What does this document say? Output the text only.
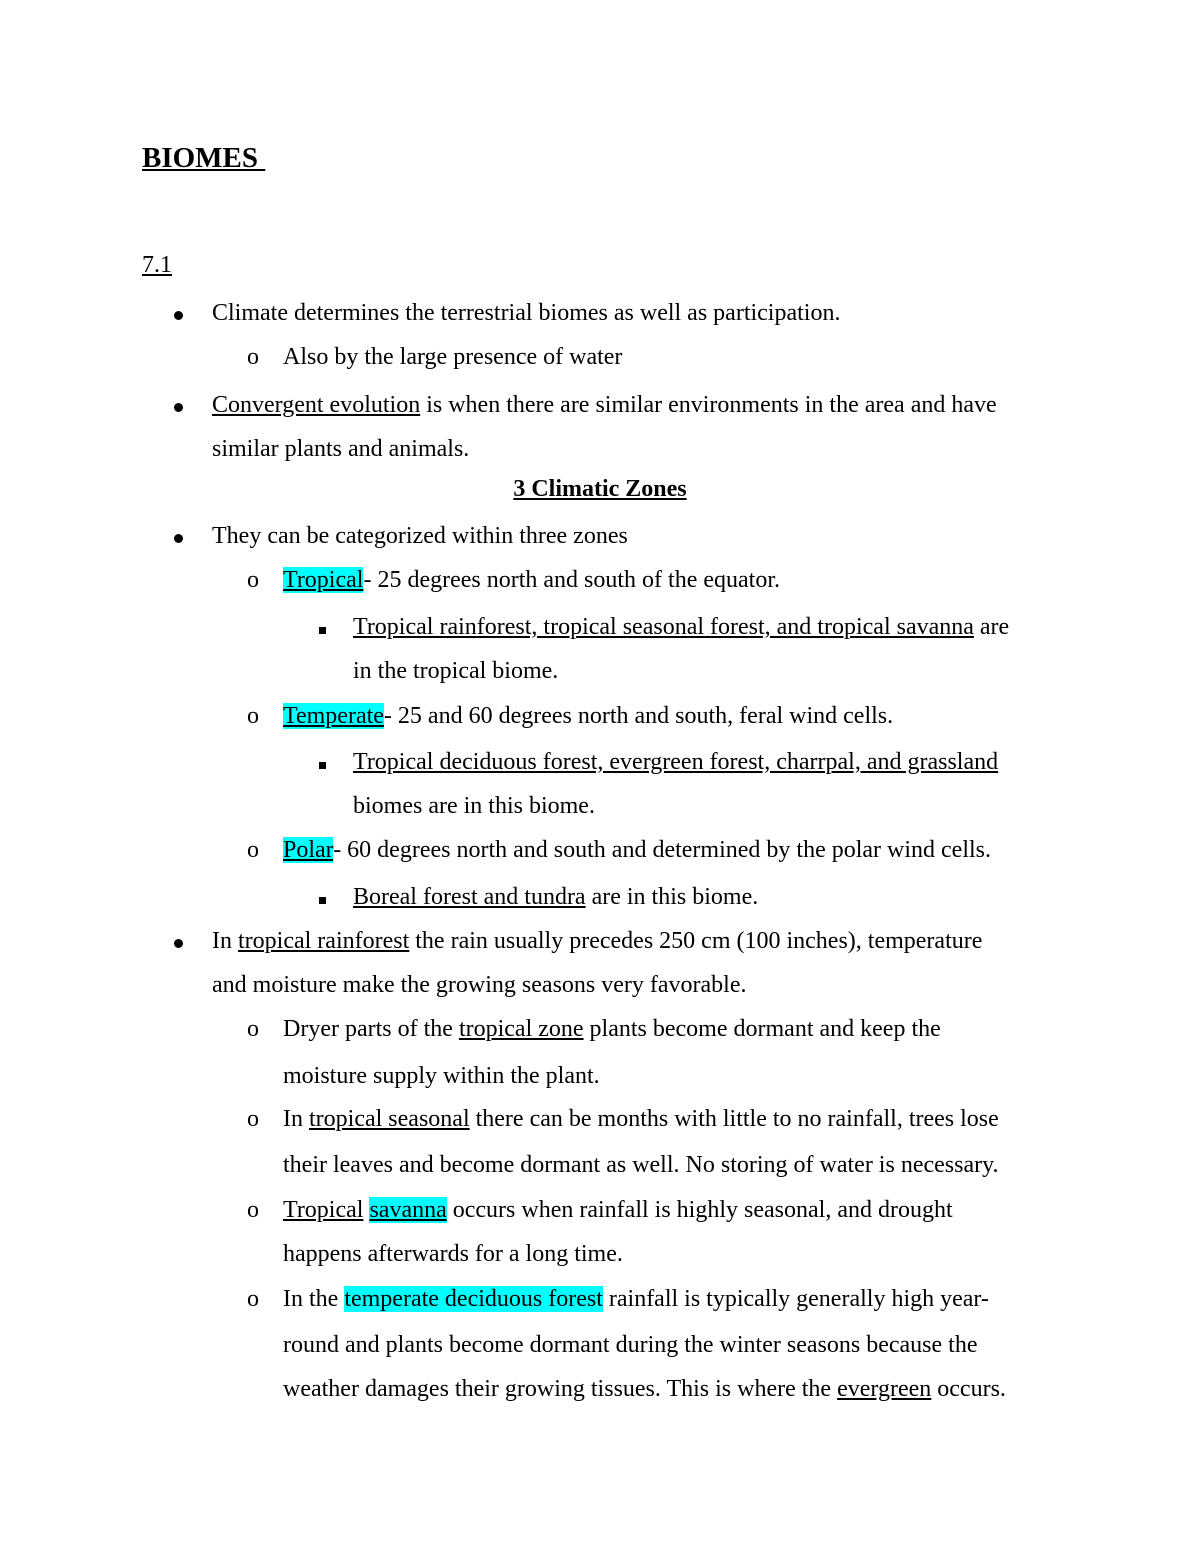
BIOMES
7.1
Climate determines the terrestrial biomes as well as participation.
o Also by the large presence of water
Convergent evolution is when there are similar environments in the area and have
similar plants and animals.
3 Climatic Zones
They can be categorized within three zones
o Tropical- 25 degrees north and south of the equator.
Tropical rainforest, tropical seasonal forest, and tropical savanna are
in the tropical biome.
o Temperate- 25 and 60 degrees north and south, feral wind cells.
Tropical deciduous forest, evergreen forest, charrpal, and grassland
biomes are in this biome.
o Polar- 60 degrees north and south and determined by the polar wind cells.
Boreal forest and tundra are in this biome.
In tropical rainforest the rain usually precedes 250 cm (100 inches), temperature
and moisture make the growing seasons very favorable.
o Dryer parts of the tropical zone plants become dormant and keep the
moisture supply within the plant.
o In tropical seasonal there can be months with little to no rainfall, trees lose
their leaves and become dormant as well. No storing of water is necessary.
o Tropical savanna occurs when rainfall is highly seasonal, and drought
happens afterwards for a long time.
o In the temperate deciduous forest rainfall is typically generally high year-
round and plants become dormant during the winter seasons because the
weather damages their growing tissues. This is where the evergreen occurs.
